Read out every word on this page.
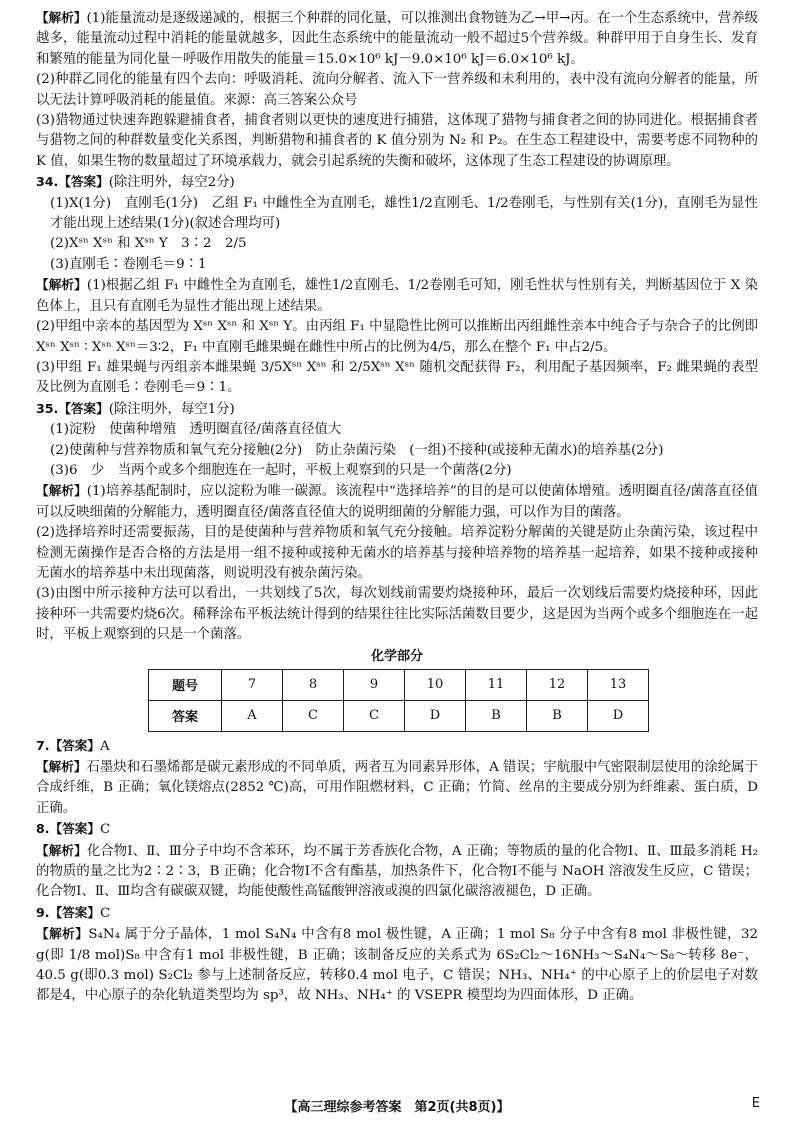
【解析】(1)能量流动是逐级递减的，根据三个种群的同化量，可以推测出食物链为乙→甲→丙。在一个生态系统中，营养级越多，能量流动过程中消耗的能量就越多，因此生态系统中的能量流动一般不超过5个营养级。种群甲用于自身生长、发育和繁殖的能量为同化量－呼吸作用散失的能量＝15.0×10⁶ kJ－9.0×10⁶ kJ＝6.0×10⁶ kJ。

(2)种群乙同化的能量有四个去向：呼吸消耗、流向分解者、流入下一营养级和未利用的，表中没有流向分解者的能量，所以无法计算呼吸消耗的能量值。来源：高三答案公众号

(3)猎物通过快速奔跑躲避捕食者，捕食者则以更快的速度进行捕猎，这体现了猎物与捕食者之间的协同进化。根据捕食者与猎物之间的种群数量变化关系图，判断猎物和捕食者的 K 值分别为 N₂ 和 P₂。在生态工程建设中，需要考虑不同物种的 K 值，如果生物的数量超过了环境承载力，就会引起系统的失衡和破坏，这体现了生态工程建设的协调原理。

34.【答案】(除注明外，每空2分)

(1)X(1分)　直刚毛(1分)　乙组 F₁ 中雌性全为直刚毛，雄性1/2直刚毛、1/2卷刚毛，与性别有关(1分)，直刚毛为显性才能出现上述结果(1分)(叙述合理均可)

(2)Xˢⁿ Xˢⁿ 和 Xˢⁿ Y　3∶2　2/5

(3)直刚毛∶卷刚毛＝9∶1

【解析】(1)根据乙组 F₁ 中雌性全为直刚毛，雄性1/2直刚毛、1/2卷刚毛可知，刚毛性状与性别有关，判断基因位于 X 染色体上，且只有直刚毛为显性才能出现上述结果。

(2)甲组中亲本的基因型为 Xˢⁿ Xˢⁿ 和 Xˢⁿ Y。由丙组 F₁ 中显隐性比例可以推断出丙组雌性亲本中纯合子与杂合子的比例即 Xˢⁿ Xˢⁿ ∶ Xˢⁿ Xˢⁿ＝3∶2，F₁ 中直刚毛雌果蝇在雌性中所占的比例为4/5，那么在整个 F₁ 中占2/5。

(3)甲组 F₁ 雄果蝇与丙组亲本雌果蝇 3/5Xˢⁿ Xˢⁿ 和 2/5Xˢⁿ Xˢⁿ 随机交配获得 F₂，利用配子基因频率，F₂ 雌果蝇的表型及比例为直刚毛∶卷刚毛＝9∶1。

35.【答案】(除注明外，每空1分)

(1)淀粉　使菌种增殖　透明圈直径/菌落直径值大

(2)使菌种与营养物质和氧气充分接触(2分)　防止杂菌污染　(一组)不接种(或接种无菌水)的培养基(2分)

(3)6　少　当两个或多个细胞连在一起时，平板上观察到的只是一个菌落(2分)

【解析】(1)培养基配制时，应以淀粉为唯一碳源。该流程中“选择培养”的目的是可以使菌体增殖。透明圈直径/菌落直径值可以反映细菌的分解能力，透明圈直径/菌落直径值大的说明细菌的分解能力强，可以作为目的菌落。

(2)选择培养时还需要振荡，目的是使菌种与营养物质和氧气充分接触。培养淀粉分解菌的关键是防止杂菌污染，该过程中检测无菌操作是否合格的方法是用一组不接种或接种无菌水的培养基与接种培养物的培养基一起培养，如果不接种或接种无菌水的培养基中未出现菌落，则说明没有被杂菌污染。

(3)由图中所示接种方法可以看出，一共划线了5次，每次划线前需要灼烧接种环，最后一次划线后需要灼烧接种环，因此接种环一共需要灼烧6次。稀释涂布平板法统计得到的结果往往比实际活菌数目要少，这是因为当两个或多个细胞连在一起时，平板上观察到的只是一个菌落。

化学部分
题号	7	8	9	10	11	12	13
答案	A	C	C	D	B	B	D

7.【答案】A

【解析】石墨炔和石墨烯都是碳元素形成的不同单质，两者互为同素异形体，A 错误；宇航服中气密限制层使用的涂纶属于合成纤维，B 正确；氧化镁熔点(2852 ℃)高，可用作阻燃材料，C 正确；竹简、丝帛的主要成分别为纤维素、蛋白质，D 正确。

8.【答案】C

【解析】化合物Ⅰ、Ⅱ、Ⅲ分子中均不含苯环，均不属于芳香族化合物，A 正确；等物质的量的化合物Ⅰ、Ⅱ、Ⅲ最多消耗 H₂ 的物质的量之比为2∶2∶3，B 正确；化合物Ⅰ不含有酯基，加热条件下，化合物Ⅰ不能与 NaOH 溶液发生反应，C 错误；化合物Ⅰ、Ⅱ、Ⅲ均含有碳碳双键，均能使酸性高锰酸钾溶液或溴的四氯化碳溶液褪色，D 正确。

9.【答案】C

【解析】S₄N₄ 属于分子晶体，1 mol S₄N₄ 中含有8 mol 极性键，A 正确；1 mol S₈ 分子中含有8 mol 非极性键，32 g(即 1/8 mol)S₈ 中含有1 mol 非极性键，B 正确；该制备反应的关系式为 6S₂Cl₂～16NH₃～S₄N₄～S₈～转移 8e⁻，40.5 g(即0.3 mol) S₂Cl₂ 参与上述制备反应，转移0.4 mol 电子，C 错误；NH₃、NH₄⁺ 的中心原子上的价层电子对数都是4，中心原子的杂化轨道类型均为 sp³，故 NH₃、NH₄⁺ 的 VSEPR 模型均为四面体形，D 正确。

【高三理综参考答案　第2页(共8页)】	E
